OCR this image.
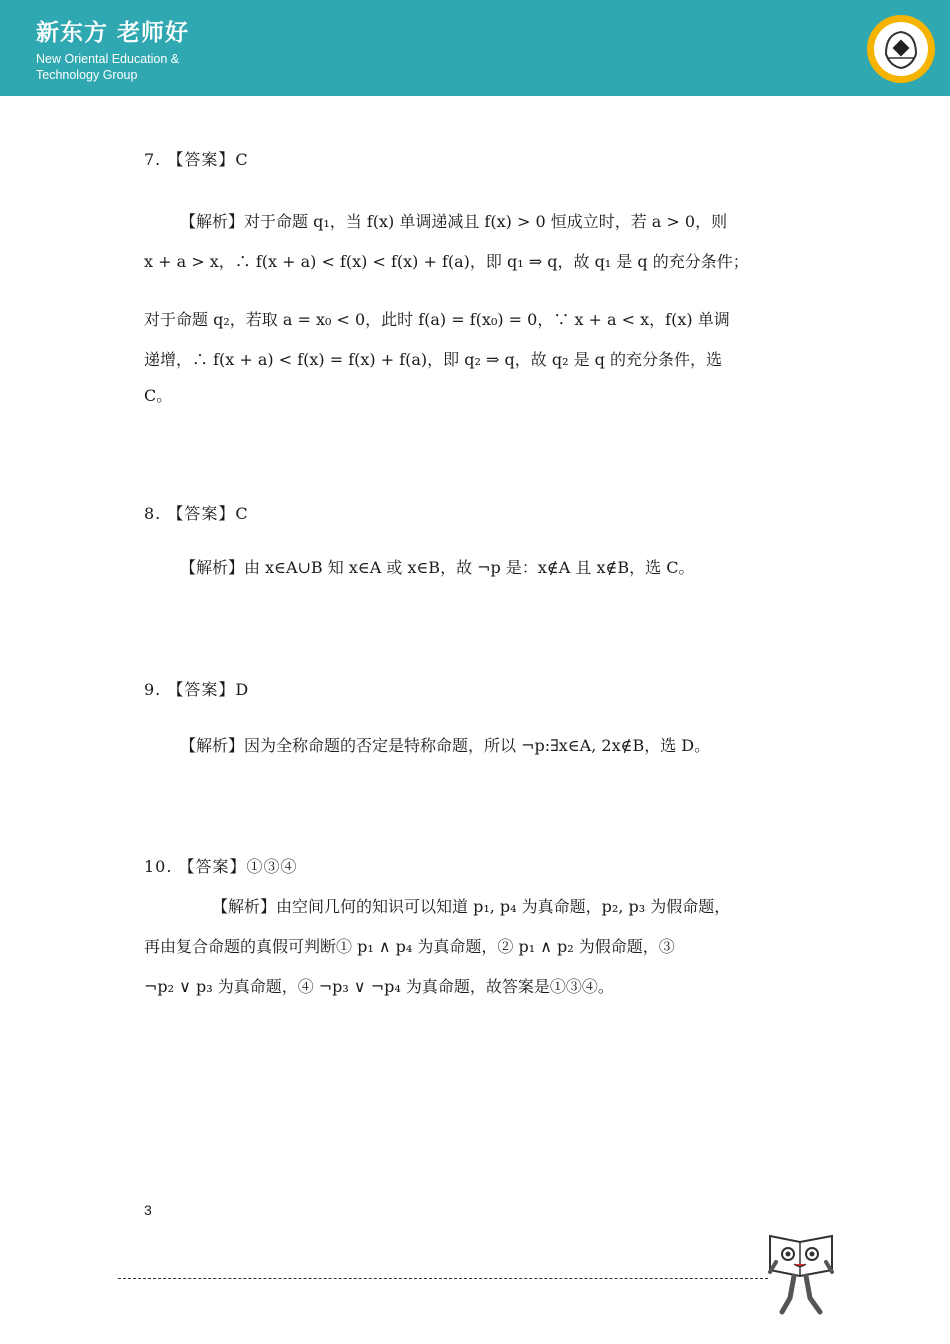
新东方 老师好
New Oriental Education &
Technology Group
7. 【答案】C
【解析】对于命题 q₁，当 f(x) 单调递减且 f(x) > 0 恒成立时，若 a > 0，则
x + a > x，∴ f(x + a) < f(x) < f(x) + f(a)，即 q₁ ⇒ q，故 q₁ 是 q 的充分条件；
对于命题 q₂，若取 a = x₀ < 0，此时 f(a) = f(x₀) = 0，∵ x + a < x，f(x) 单调
递增，∴ f(x + a) < f(x) = f(x) + f(a)，即 q₂ ⇒ q，故 q₂ 是 q 的充分条件，选
C。
8. 【答案】C
【解析】由 x∈A∪B 知 x∈A 或 x∈B，故 ¬p 是：x∉A 且 x∉B，选 C。
9. 【答案】D
【解析】因为全称命题的否定是特称命题，所以 ¬p:∃x∈A, 2x∉B，选 D。
10. 【答案】①③④
【解析】由空间几何的知识可以知道 p₁, p₄ 为真命题，p₂, p₃ 为假命题，
再由复合命题的真假可判断① p₁ ∧ p₄ 为真命题，② p₁ ∧ p₂ 为假命题，③
¬p₂ ∨ p₃ 为真命题，④ ¬p₃ ∨ ¬p₄ 为真命题，故答案是①③④。
3
